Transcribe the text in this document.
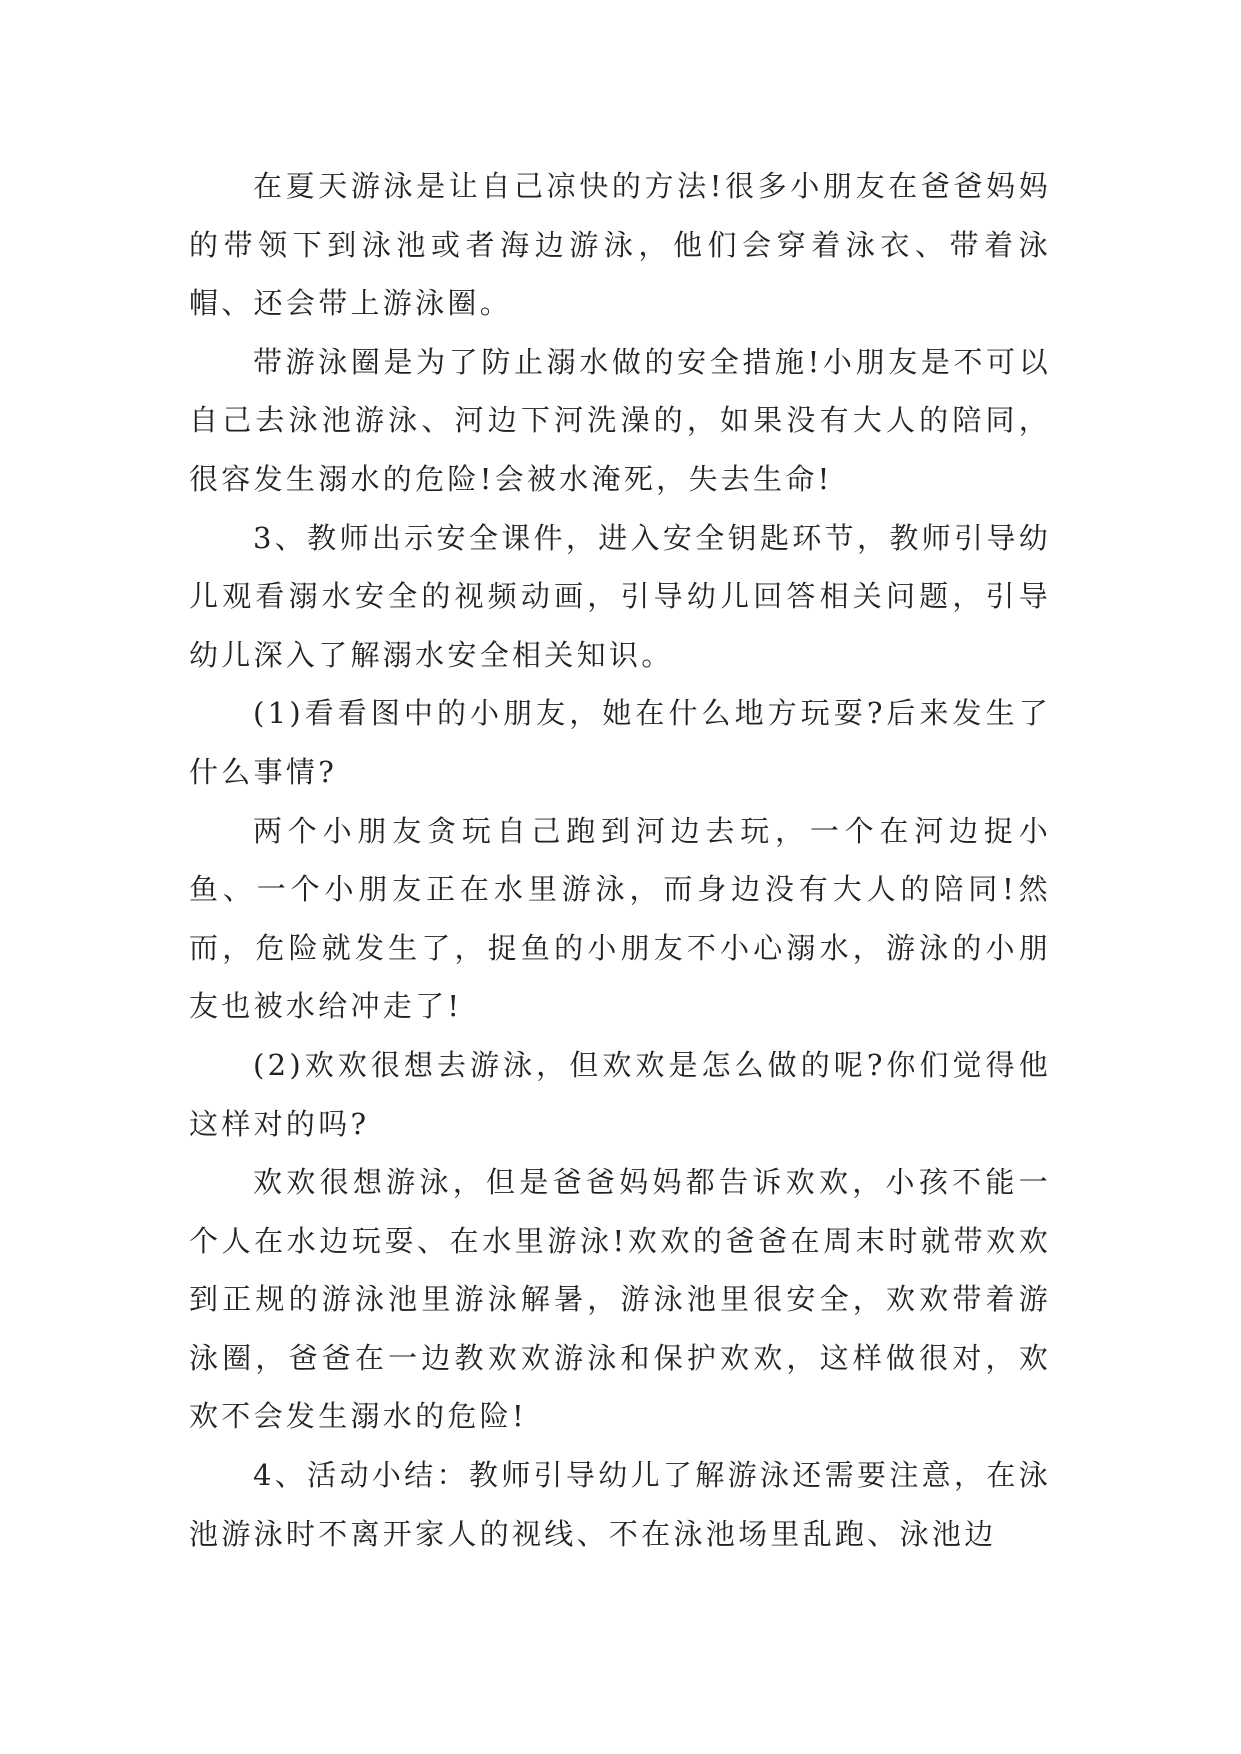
在夏天游泳是让自己凉快的方法!很多小朋友在爸爸妈妈的带领下到泳池或者海边游泳，他们会穿着泳衣、带着泳帽、还会带上游泳圈。

带游泳圈是为了防止溺水做的安全措施!小朋友是不可以自己去泳池游泳、河边下河洗澡的，如果没有大人的陪同，很容发生溺水的危险!会被水淹死，失去生命!

3、教师出示安全课件，进入安全钥匙环节，教师引导幼儿观看溺水安全的视频动画，引导幼儿回答相关问题，引导幼儿深入了解溺水安全相关知识。

(1)看看图中的小朋友，她在什么地方玩耍?后来发生了什么事情?

两个小朋友贪玩自己跑到河边去玩，一个在河边捉小鱼、一个小朋友正在水里游泳，而身边没有大人的陪同!然而，危险就发生了，捉鱼的小朋友不小心溺水，游泳的小朋友也被水给冲走了!

(2)欢欢很想去游泳，但欢欢是怎么做的呢?你们觉得他这样对的吗?

欢欢很想游泳，但是爸爸妈妈都告诉欢欢，小孩不能一个人在水边玩耍、在水里游泳!欢欢的爸爸在周末时就带欢欢到正规的游泳池里游泳解暑，游泳池里很安全，欢欢带着游泳圈，爸爸在一边教欢欢游泳和保护欢欢，这样做很对，欢欢不会发生溺水的危险!

4、活动小结：教师引导幼儿了解游泳还需要注意，在泳池游泳时不离开家人的视线、不在泳池场里乱跑、泳池边
